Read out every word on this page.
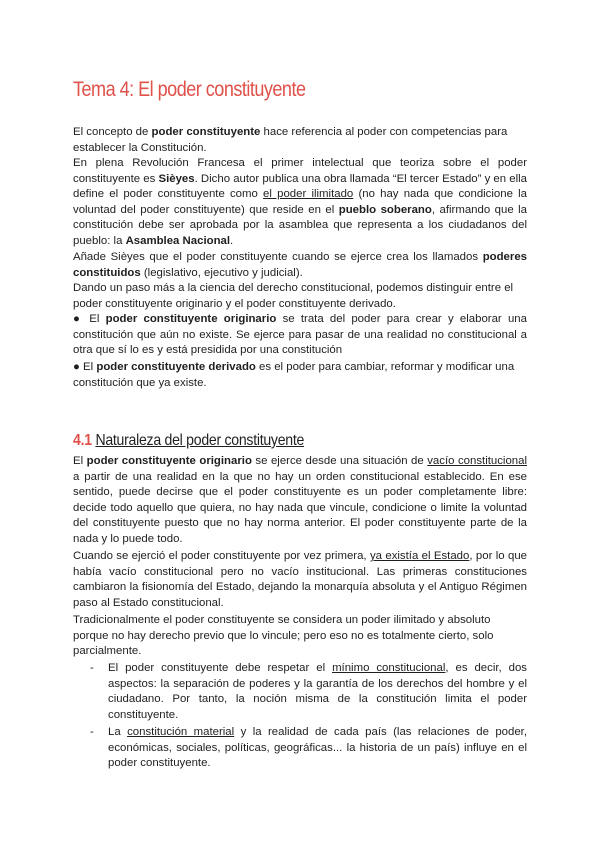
Tema 4: El poder constituyente

El concepto de poder constituyente hace referencia al poder con competencias para establecer la Constitución.

En plena Revolución Francesa el primer intelectual que teoriza sobre el poder constituyente es Sièyes. Dicho autor publica una obra llamada “El tercer Estado” y en ella define el poder constituyente como el poder ilimitado (no hay nada que condicione la voluntad del poder constituyente) que reside en el pueblo soberano, afirmando que la constitución debe ser aprobada por la asamblea que representa a los ciudadanos del pueblo: la Asamblea Nacional.

Añade Sièyes que el poder constituyente cuando se ejerce crea los llamados poderes constituidos (legislativo, ejecutivo y judicial).

Dando un paso más a la ciencia del derecho constitucional, podemos distinguir entre el poder constituyente originario y el poder constituyente derivado.

● El poder constituyente originario se trata del poder para crear y elaborar una constitución que aún no existe. Se ejerce para pasar de una realidad no constitucional a otra que sí lo es y está presidida por una constitución

● El poder constituyente derivado es el poder para cambiar, reformar y modificar una constitución que ya existe.

4.1 Naturaleza del poder constituyente

El poder constituyente originario se ejerce desde una situación de vacío constitucional a partir de una realidad en la que no hay un orden constitucional establecido. En ese sentido, puede decirse que el poder constituyente es un poder completamente libre: decide todo aquello que quiera, no hay nada que vincule, condicione o limite la voluntad del constituyente puesto que no hay norma anterior. El poder constituyente parte de la nada y lo puede todo.

Cuando se ejerció el poder constituyente por vez primera, ya existía el Estado, por lo que había vacío constitucional pero no vacío institucional. Las primeras constituciones cambiaron la fisionomía del Estado, dejando la monarquía absoluta y el Antiguo Régimen paso al Estado constitucional.

Tradicionalmente el poder constituyente se considera un poder ilimitado y absoluto porque no hay derecho previo que lo vincule; pero eso no es totalmente cierto, solo parcialmente.

- El poder constituyente debe respetar el mínimo constitucional, es decir, dos aspectos: la separación de poderes y la garantía de los derechos del hombre y el ciudadano. Por tanto, la noción misma de la constitución limita el poder constituyente.
- La constitución material y la realidad de cada país (las relaciones de poder, económicas, sociales, políticas, geográficas... la historia de un país) influye en el poder constituyente.
